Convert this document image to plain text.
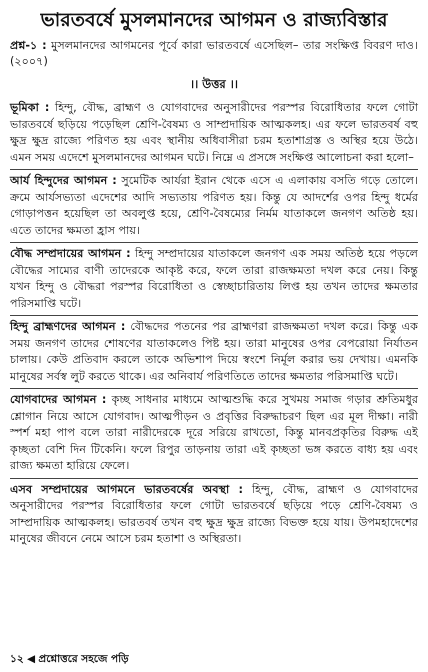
ভারতবর্ষে মুসলমানদের আগমন ও রাজ্যবিস্তার
প্রশ্ন-১ : মুসলমানদের আগমনের পূর্বে কারা ভারতবর্ষে এসেছিল– তার সংক্ষিপ্ত বিবরণ দাও। (২০০৭)
।। উত্তর ।।
ভূমিকা : হিন্দু, বৌদ্ধ, ব্রাহ্মণ ও যোগবাদের অনুসারীদের পরস্পর বিরোধিতার ফলে গোটা ভারতবর্ষে ছড়িয়ে পড়েছিল শ্রেণি-বৈষম্য ও সাম্প্রদায়িক আত্মকলহ। এর ফলে ভারতবর্ষ বহু ক্ষুদ্র ক্ষুদ্র রাজ্যে পরিণত হয় এবং স্থানীয় অধিবাসীরা চরম হতাশাগ্রস্ত ও অস্থির হয়ে উঠে। এমন সময় এদেশে মুসলমানদের আগমন ঘটে। নিম্নে এ প্রসঙ্গে সংক্ষিপ্ত আলোচনা করা হলো–
আর্য হিন্দুদের আগমন : সুমেটিক আর্যরা ইরান থেকে এসে এ এলাকায় বসতি গড়ে তোলে। ক্রমে আর্যসভ্যতা এদেশের আদি সভ্যতায় পরিণত হয়। কিন্তু যে আদর্শের ওপর হিন্দু ধর্মের গোড়াপত্তন হয়েছিল তা অবলুপ্ত হয়ে, শ্রেণি-বৈষম্যের নির্মম যাতাকলে জনগণ অতিষ্ঠ হয়। এতে তাদের ক্ষমতা হ্রাস পায়।
বৌদ্ধ সম্প্রদায়ের আগমন : হিন্দু সম্প্রদায়ের যাতাকলে জনগণ এক সময় অতিষ্ঠ হয়ে পড়লে বৌদ্ধের সাম্যের বাণী তাদেরকে আকৃষ্ট করে, ফলে তারা রাজক্ষমতা দখল করে নেয়। কিন্তু যখন হিন্দু ও বৌদ্ধরা পরস্পর বিরোধিতা ও স্বেচ্ছাচারিতায় লিপ্ত হয় তখন তাদের ক্ষমতার পরিসমাপ্তি ঘটে।
হিন্দু ব্রাহ্মণদের আগমন : বৌদ্ধদের পতনের পর ব্রাহ্মণরা রাজক্ষমতা দখল করে। কিন্তু এক সময় জনগণ তাদের শোষণের যাতাকলেও পিষ্ট হয়। তারা মানুষের ওপর বেপরোয়া নির্যাতন চালায়। কেউ প্রতিবাদ করলে তাকে অভিশাপ দিয়ে স্বংশে নির্মূল করার ভয় দেখায়। এমনকি মানুষের সর্বস্ব লুট করতে থাকে। এর অনিবার্য পরিণতিতে তাদের ক্ষমতার পরিসমাপ্তি ঘটে।
যোগবাদের আগমন : কৃচ্ছ সাধনার মাধ্যমে আত্মশুদ্ধি করে সুখময় সমাজ গড়ার শ্রুতিমধুর শ্লোগান নিয়ে আসে যোগবাদ। আত্মপীড়ন ও প্রবৃত্তির বিরুদ্ধাচরণ ছিল এর মূল দীক্ষা। নারী স্পর্শ মহা পাপ বলে তারা নারীদেরকে দূরে সরিয়ে রাখতো, কিন্তু মানবপ্রকৃতির বিরুদ্ধ এই কৃচ্ছতা বেশি দিন টিকেনি। ফলে রিপুর তাড়নায় তারা এই কৃচ্ছতা ভঙ্গ করতে বাধ্য হয় এবং রাজ্য ক্ষমতা হারিয়ে ফেলে।
এসব সম্প্রদায়ের আগমনে ভারতবর্ষের অবস্থা : হিন্দু, বৌদ্ধ, ব্রাহ্মণ ও যোগবাদের অনুসারীদের পরস্পর বিরোধিতার ফলে গোটা ভারতবর্ষে ছড়িয়ে পড়ে শ্রেণি-বৈষম্য ও সাম্প্রদায়িক আত্মকলহ। ভারতবর্ষ তখন বহু ক্ষুদ্র ক্ষুদ্র রাজ্যে বিভক্ত হয়ে যায়। উপমহাদেশের মানুষের জীবনে নেমে আসে চরম হতাশা ও অস্থিরতা।
১২ ◀ প্রশ্নোত্তরে সহজে পড়ি
